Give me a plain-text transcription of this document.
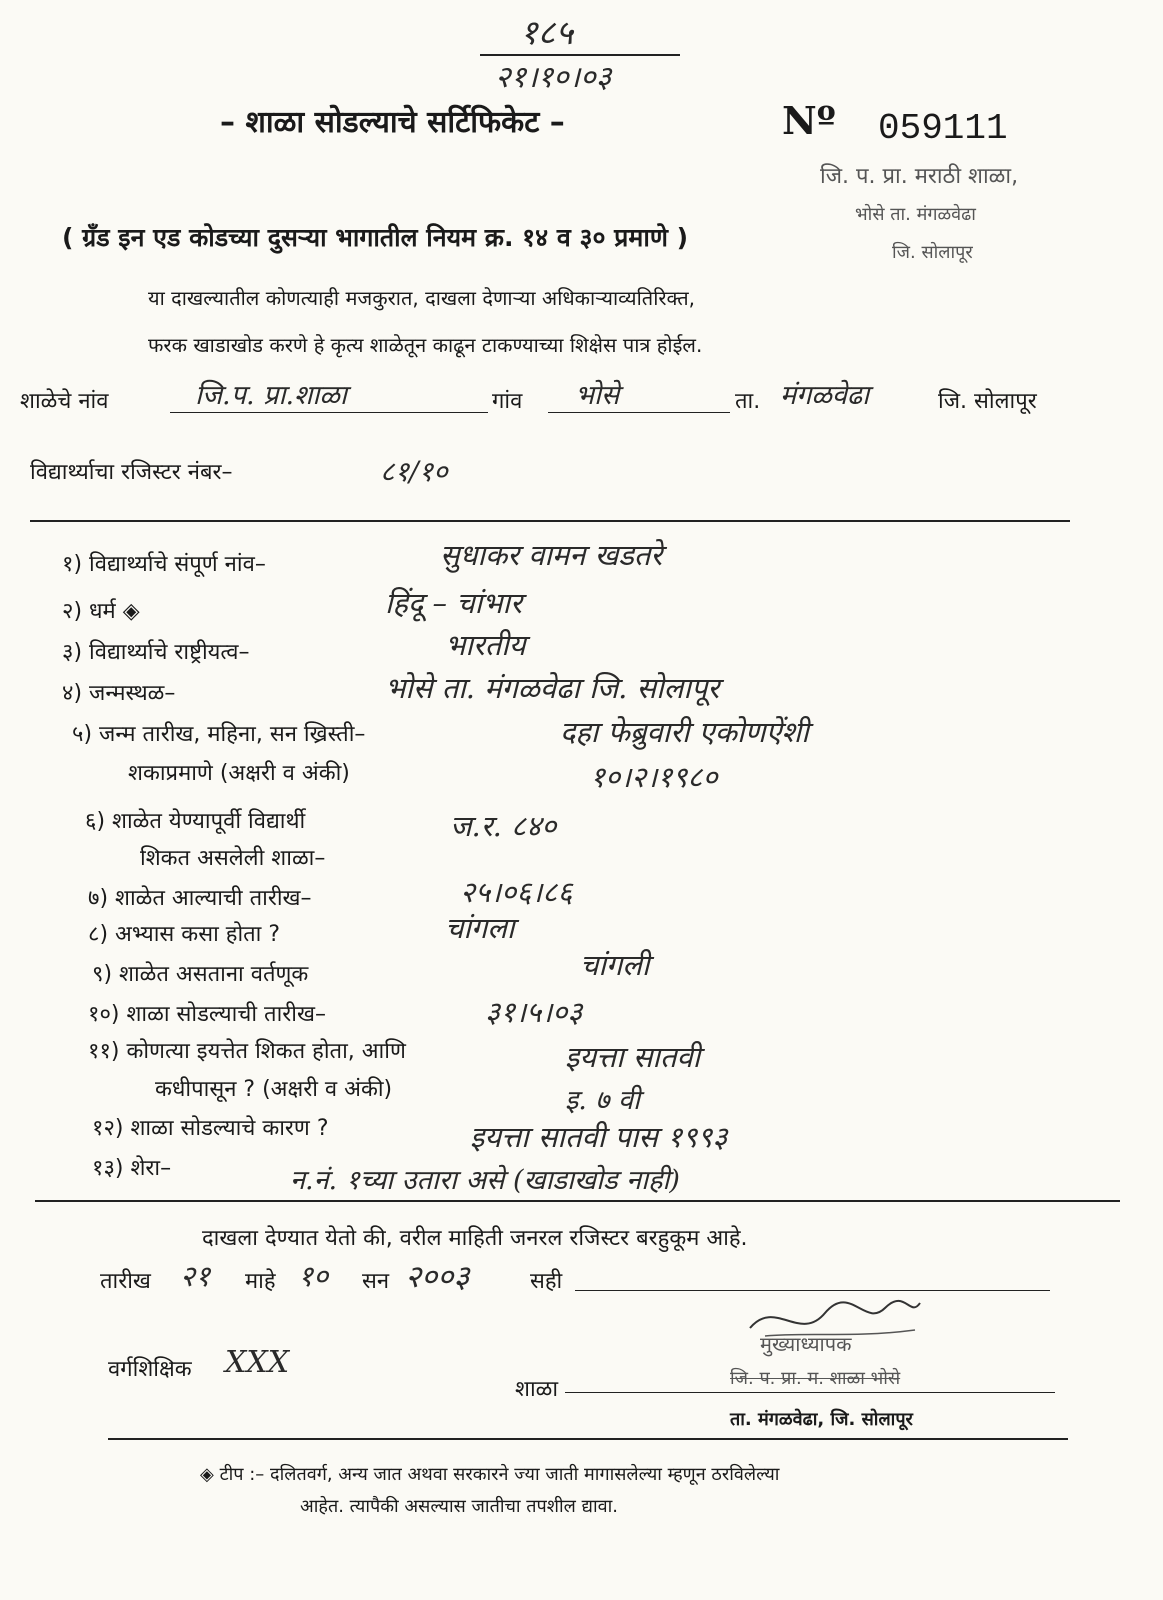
१८५
२१।१०।०३
– शाळा सोडल्याचे सर्टिफिकेट –	Nº 059111
जि. प. प्रा. मराठी शाळा,
भोसे ता. मंगळवेढा
जि. सोलापूर
( ग्रँड इन एड कोडच्या दुसऱ्या भागातील नियम क्र. १४ व ३० प्रमाणे )
या दाखल्यातील कोणत्याही मजकुरात, दाखला देणाऱ्या अधिकाऱ्याव्यतिरिक्त,
फरक खाडाखोड करणे हे कृत्य शाळेतून काढून टाकण्याच्या शिक्षेस पात्र होईल.
शाळेचे नांव	जि.प. प्रा.शाळा	गांव भोसे	ता. मंगळवेढा	जि. सोलापूर
विद्यार्थ्याचा रजिस्टर नंबर–	८१/१०
१) विद्यार्थ्याचे संपूर्ण नांव–	सुधाकर वामन खडतरे
२) धर्म ◈	हिंदू – चांभार
३) विद्यार्थ्याचे राष्ट्रीयत्व–	भारतीय
४) जन्मस्थळ–	भोसे ता. मंगळवेढा जि. सोलापूर
५) जन्म तारीख, महिना, सन ख्रिस्ती–
शकाप्रमाणे (अक्षरी व अंकी)
दहा फेब्रुवारी एकोणऐंशी
१०।२।१९८०
६) शाळेत येण्यापूर्वी विद्यार्थी
शिकत असलेली शाळा–
ज.र. ८४०
७) शाळेत आल्याची तारीख–	२५।०६।८६
८) अभ्यास कसा होता ?	चांगला
९) शाळेत असताना वर्तणूक	चांगली
१०) शाळा सोडल्याची तारीख–	३१।५।०३
११) कोणत्या इयत्तेत शिकत होता, आणि
कधीपासून ? (अक्षरी व अंकी)
इयत्ता सातवी
इ. ७ वी
१२) शाळा सोडल्याचे कारण ?	इयत्ता सातवी पास १९९३
१३) शेरा–	न.नं. १च्या उतारा असे (खाडाखोड नाही)
दाखला देण्यात येतो की, वरील माहिती जनरल रजिस्टर बरहुकूम आहे.
तारीख २१ माहे १० सन २००३	सही
मुख्याध्यापक
वर्गशिक्षिक XXX
शाळा	जि. प. प्रा. म. शाळा भोसे
ता. मंगळवेढा, जि. सोलापूर
◈ टीप :– दलितवर्ग, अन्य जात अथवा सरकारने ज्या जाती मागासलेल्या म्हणून ठरविलेल्या
आहेत. त्यापैकी असल्यास जातीचा तपशील द्यावा.
